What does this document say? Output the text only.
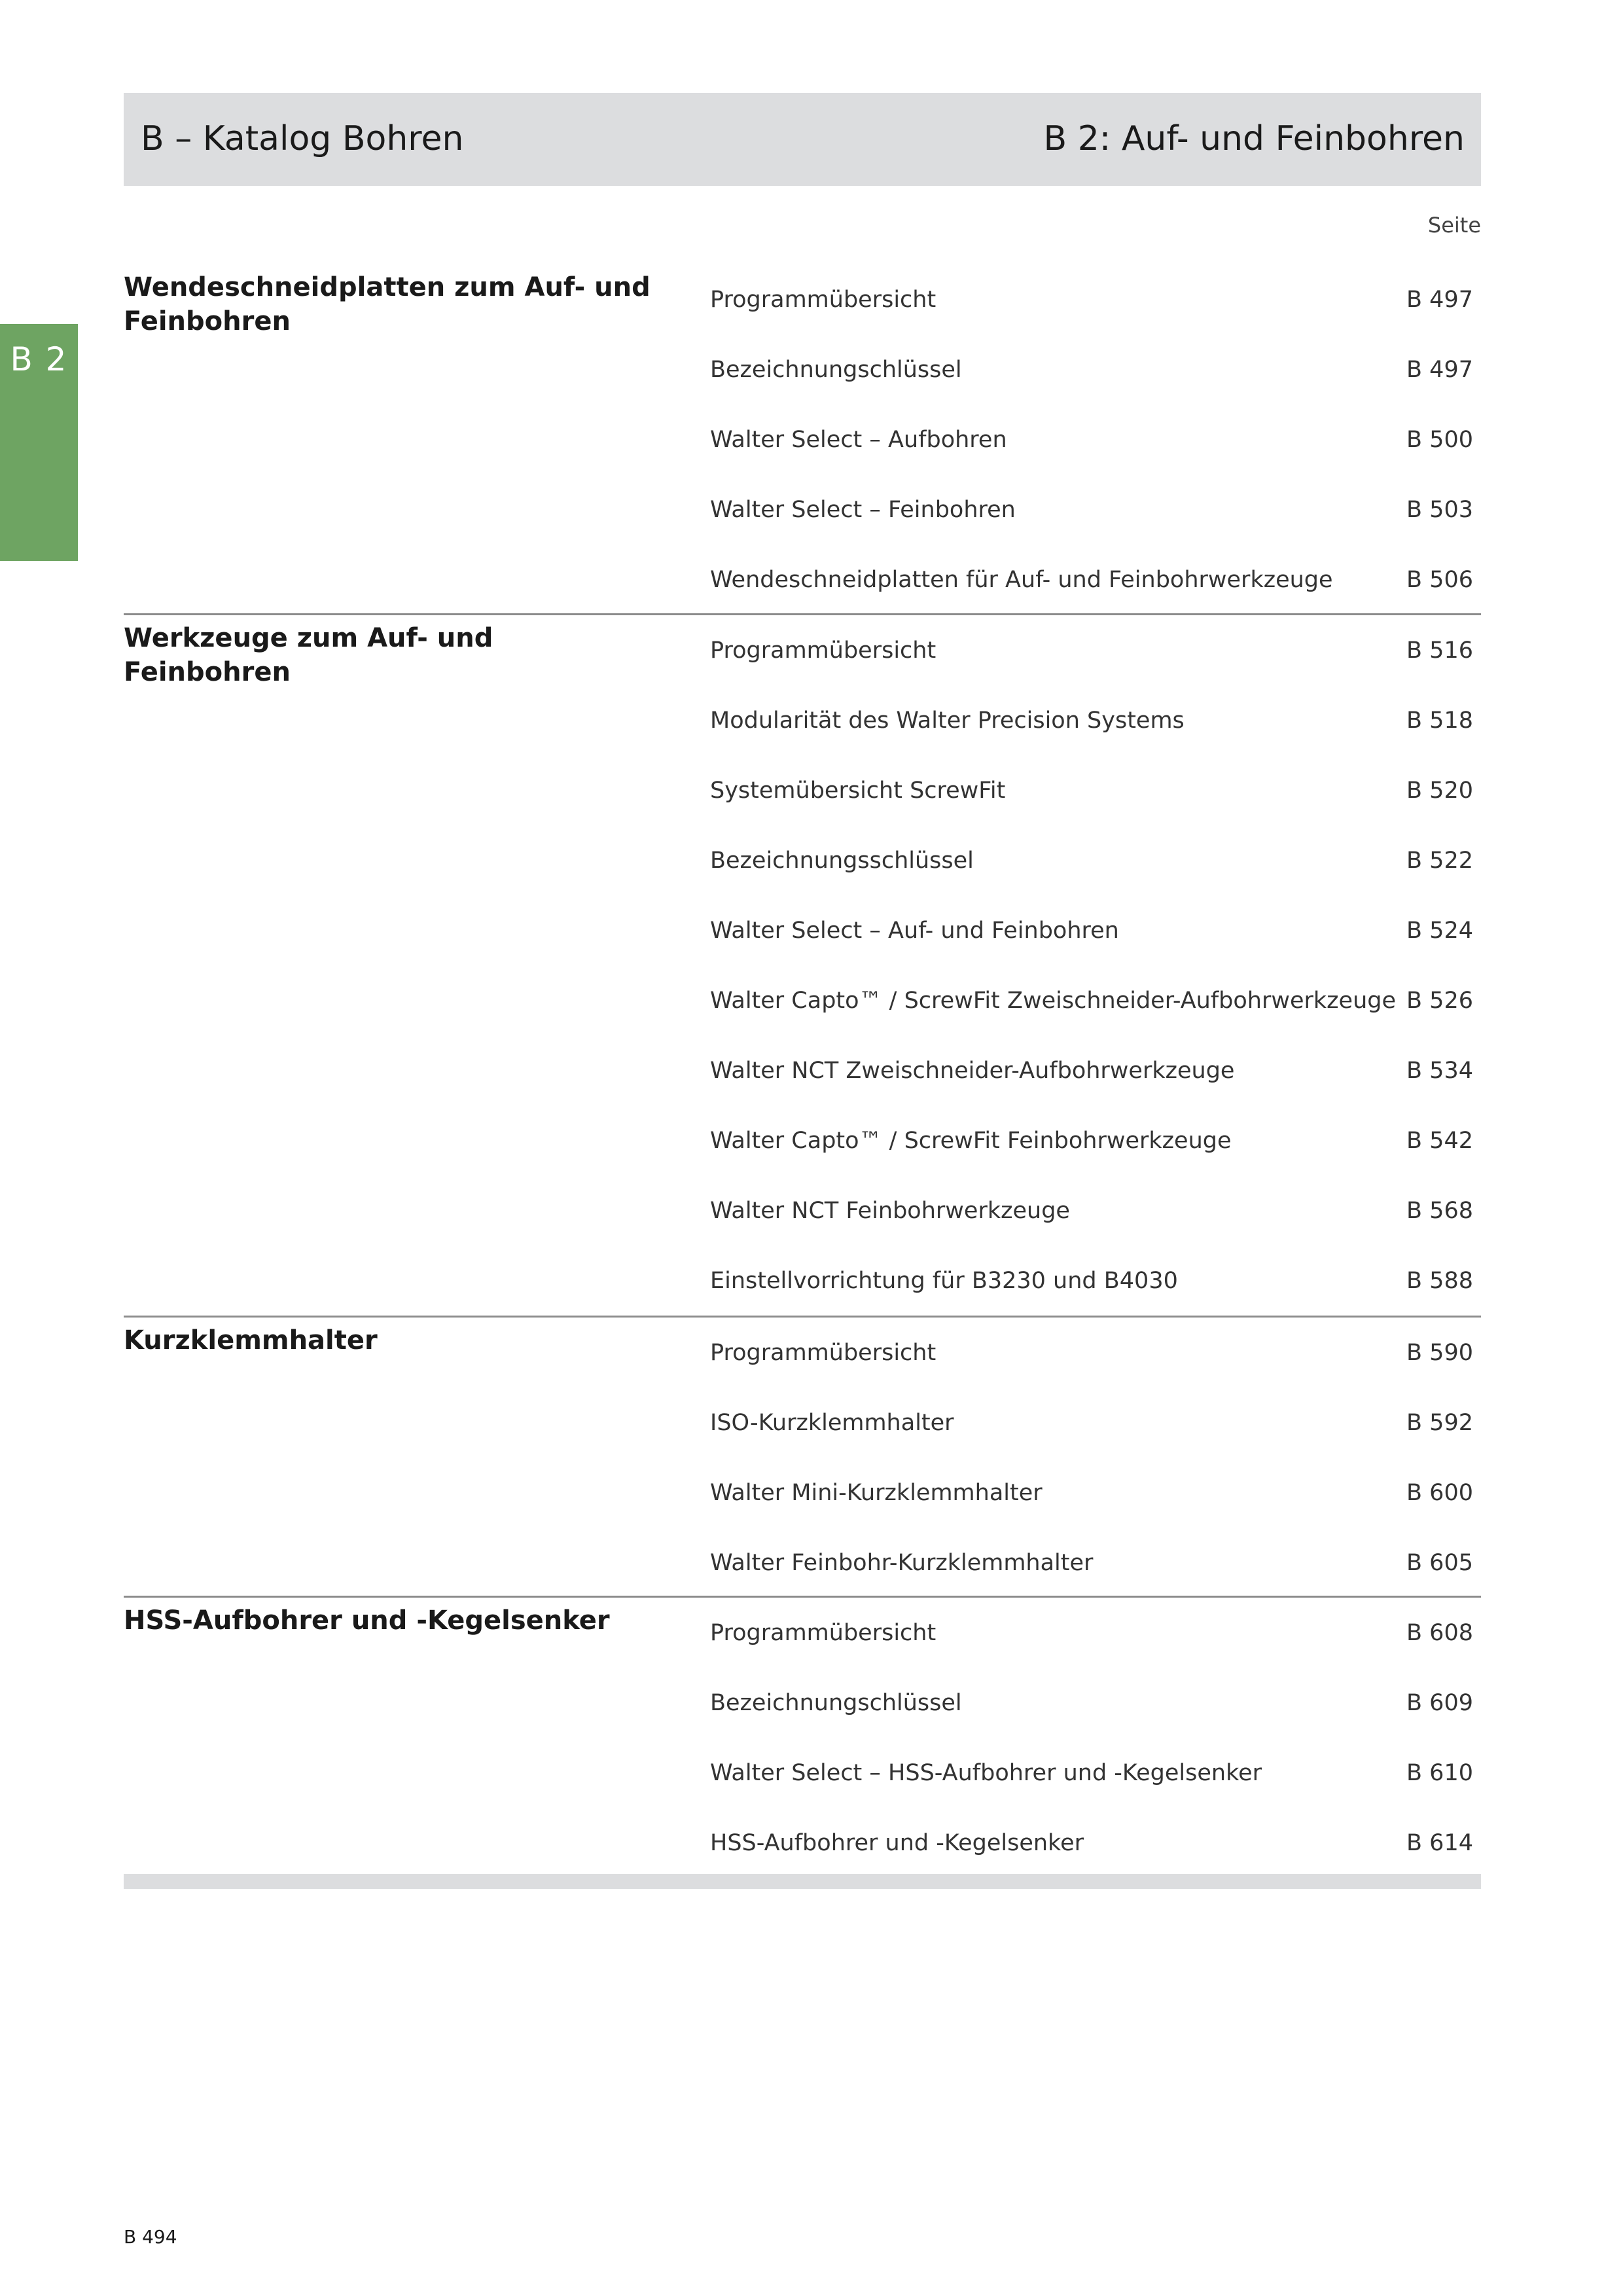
B – Katalog Bohren	B 2: Auf- und Feinbohren
B 2
Seite
Wendeschneidplatten zum Auf- und Feinbohren
Programmübersicht	B 497
Bezeichnungschlüssel	B 497
Walter Select – Aufbohren	B 500
Walter Select – Feinbohren	B 503
Wendeschneidplatten für Auf- und Feinbohrwerkzeuge	B 506
Werkzeuge zum Auf- und Feinbohren
Programmübersicht	B 516
Modularität des Walter Precision Systems	B 518
Systemübersicht ScrewFit	B 520
Bezeichnungsschlüssel	B 522
Walter Select – Auf- und Feinbohren	B 524
Walter Capto™ / ScrewFit Zweischneider-Aufbohrwerkzeuge B 526
Walter NCT Zweischneider-Aufbohrwerkzeuge	B 534
Walter Capto™ / ScrewFit Feinbohrwerkzeuge	B 542
Walter NCT Feinbohrwerkzeuge	B 568
Einstellvorrichtung für B3230 und B4030	B 588
Kurzklemmhalter	Programmübersicht	B 590
ISO-Kurzklemmhalter	B 592
Walter Mini-Kurzklemmhalter	B 600
Walter Feinbohr-Kurzklemmhalter	B 605
HSS-Aufbohrer und -Kegelsenker	Programmübersicht	B 608
Bezeichnungschlüssel	B 609
Walter Select – HSS-Aufbohrer und -Kegelsenker	B 610
HSS-Aufbohrer und -Kegelsenker	B 614
B 494
